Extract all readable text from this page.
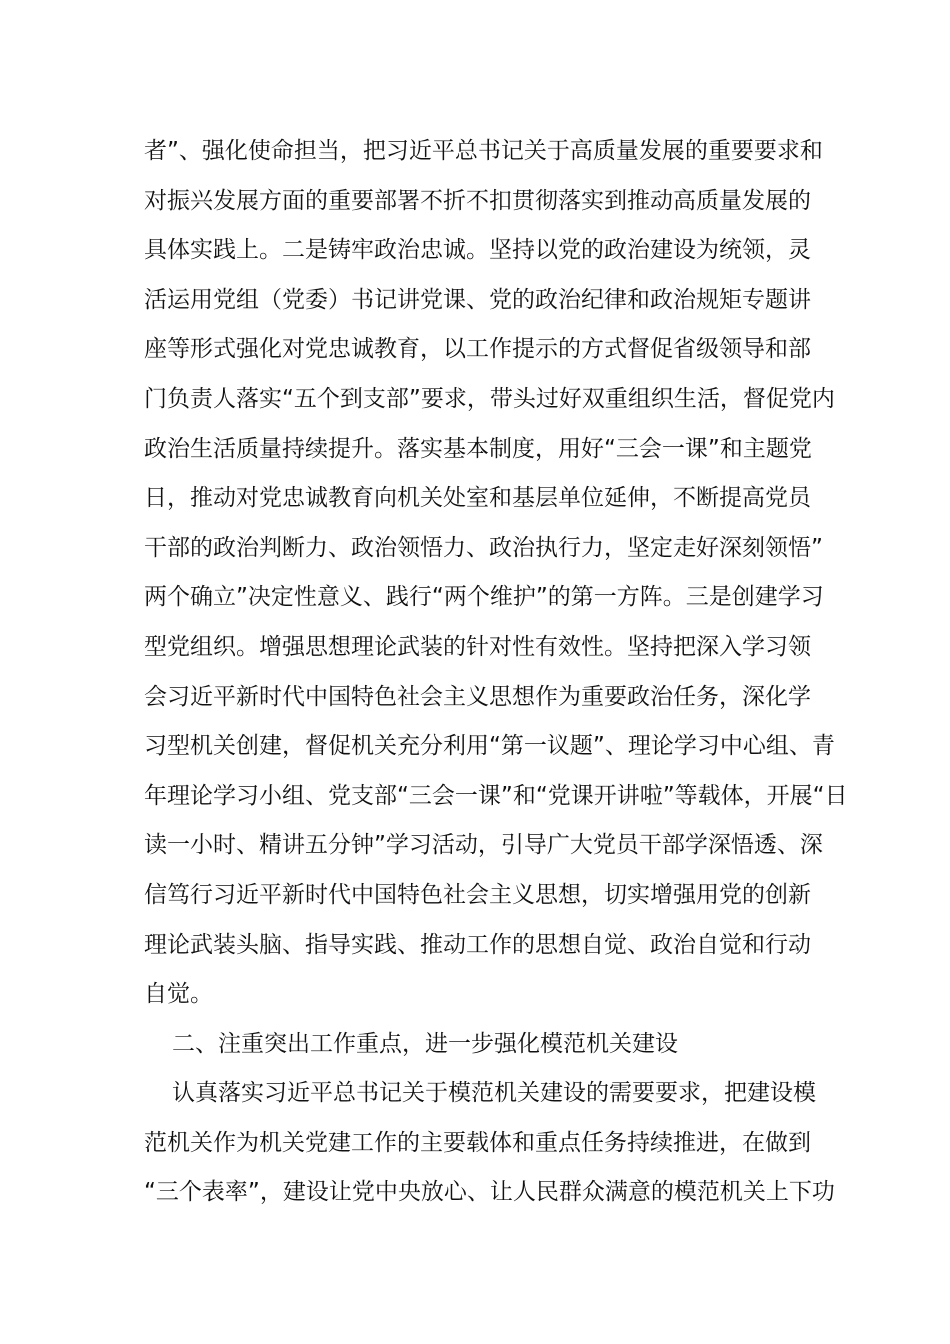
者”、强化使命担当，把习近平总书记关于高质量发展的重要要求和
对振兴发展方面的重要部署不折不扣贯彻落实到推动高质量发展的
具体实践上。二是铸牢政治忠诚。坚持以党的政治建设为统领，灵
活运用党组（党委）书记讲党课、党的政治纪律和政治规矩专题讲
座等形式强化对党忠诚教育，以工作提示的方式督促省级领导和部
门负责人落实“五个到支部”要求，带头过好双重组织生活，督促党内
政治生活质量持续提升。落实基本制度，用好“三会一课”和主题党
日，推动对党忠诚教育向机关处室和基层单位延伸，不断提高党员
干部的政治判断力、政治领悟力、政治执行力，坚定走好深刻领悟”
两个确立”决定性意义、践行“两个维护”的第一方阵。三是创建学习
型党组织。增强思想理论武装的针对性有效性。坚持把深入学习领
会习近平新时代中国特色社会主义思想作为重要政治任务，深化学
习型机关创建，督促机关充分利用“第一议题”、理论学习中心组、青
年理论学习小组、党支部“三会一课”和“党课开讲啦”等载体，开展“日
读一小时、精讲五分钟”学习活动，引导广大党员干部学深悟透、深
信笃行习近平新时代中国特色社会主义思想，切实增强用党的创新
理论武装头脑、指导实践、推动工作的思想自觉、政治自觉和行动
自觉。
二、注重突出工作重点，进一步强化模范机关建设
认真落实习近平总书记关于模范机关建设的需要要求，把建设模
范机关作为机关党建工作的主要载体和重点任务持续推进，在做到
“三个表率”，建设让党中央放心、让人民群众满意的模范机关上下功
